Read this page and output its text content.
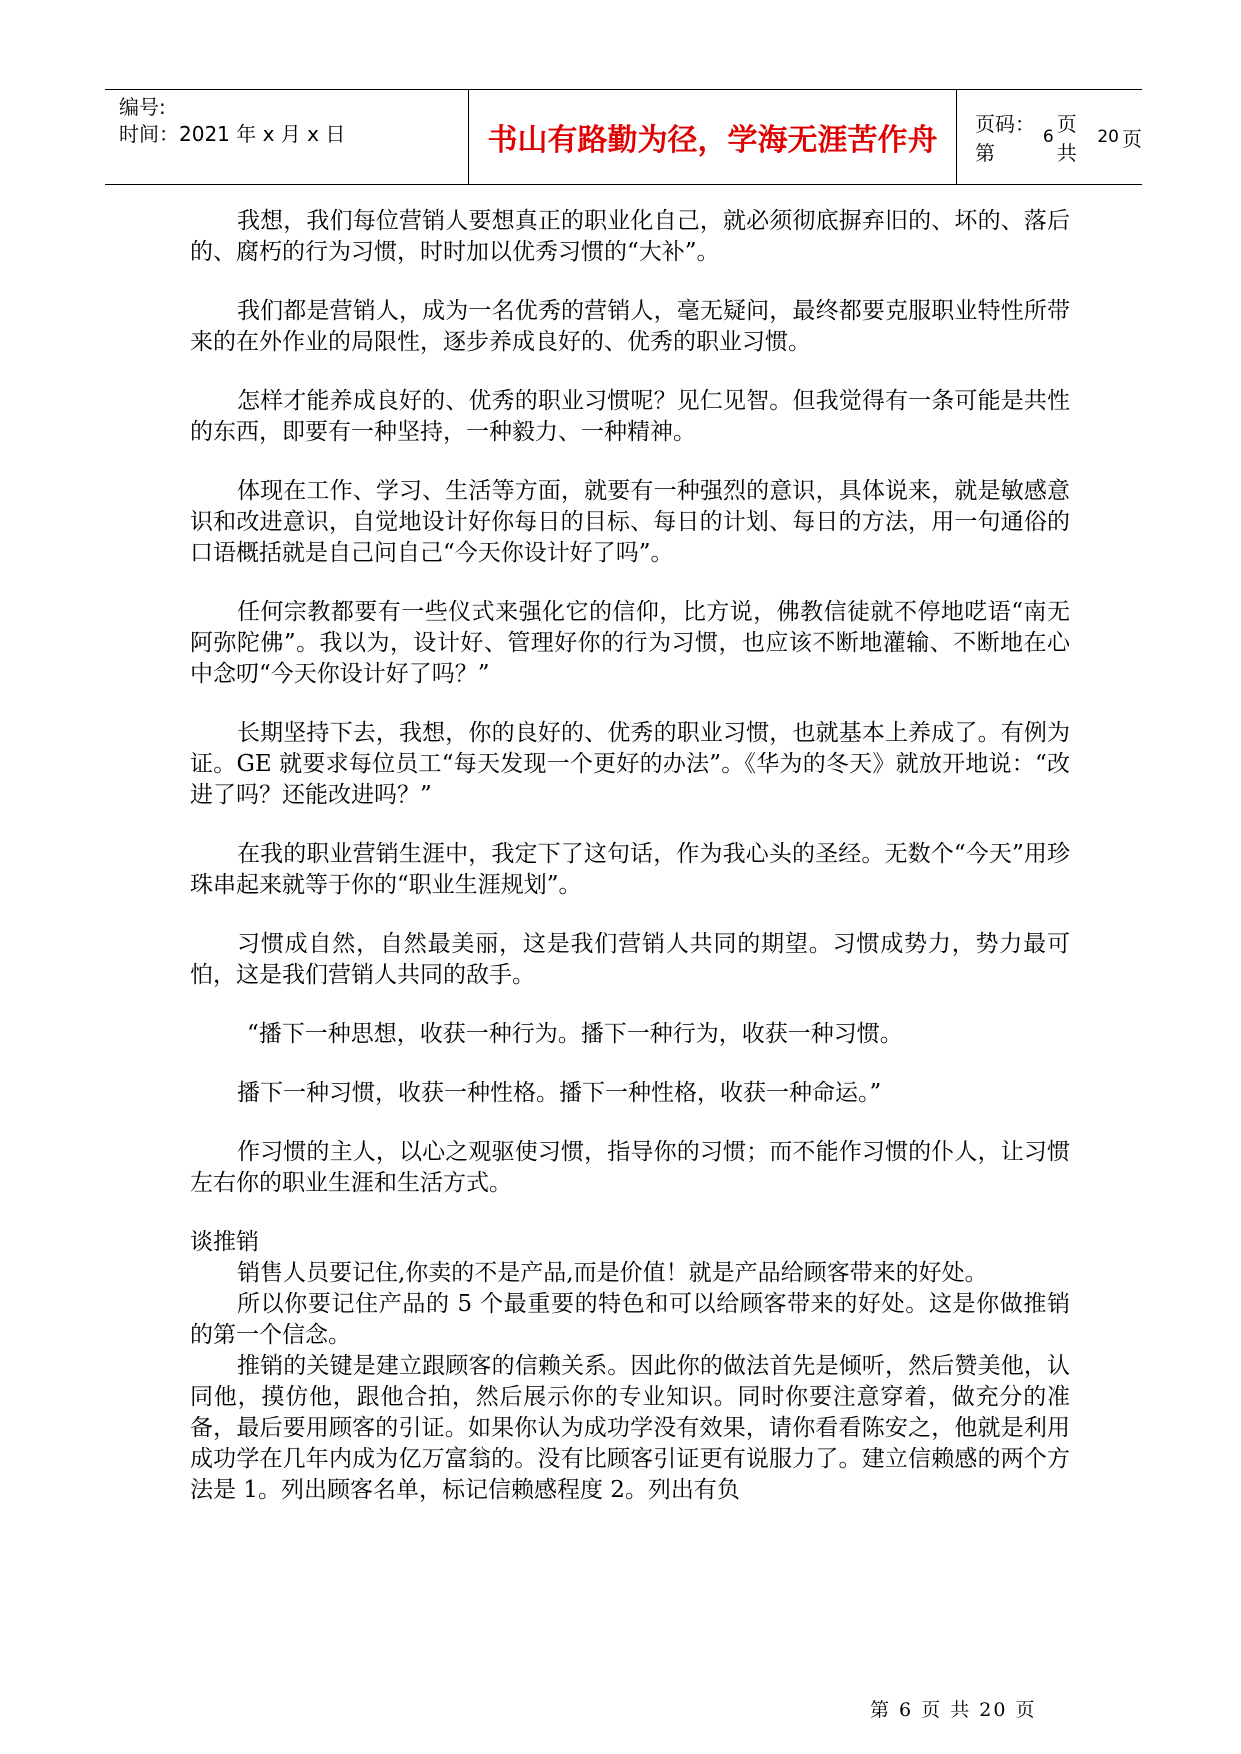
编号:
时间：2021 年 x 月 x 日	书山有路勤为径，学海无涯苦作舟	页码：第
6
页 共
20 页

我想，我们每位营销人要想真正的职业化自己，就必须彻底摒弃旧的、坏的、落后的、腐朽的行为习惯，时时加以优秀习惯的“大补”。

我们都是营销人，成为一名优秀的营销人，毫无疑问，最终都要克服职业特性所带来的在外作业的局限性，逐步养成良好的、优秀的职业习惯。

怎样才能养成良好的、优秀的职业习惯呢？见仁见智。但我觉得有一条可能是共性的东西，即要有一种坚持，一种毅力、一种精神。

体现在工作、学习、生活等方面，就要有一种强烈的意识，具体说来，就是敏感意识和改进意识，自觉地设计好你每日的目标、每日的计划、每日的方法，用一句通俗的口语概括就是自己问自己“今天你设计好了吗”。

任何宗教都要有一些仪式来强化它的信仰，比方说，佛教信徒就不停地呓语“南无阿弥陀佛”。我以为，设计好、管理好你的行为习惯，也应该不断地灌输、不断地在心中念叨“今天你设计好了吗？”

长期坚持下去，我想，你的良好的、优秀的职业习惯，也就基本上养成了。有例为证。GE 就要求每位员工“每天发现一个更好的办法”。《华为的冬天》就放开地说：“改进了吗？还能改进吗？”

在我的职业营销生涯中，我定下了这句话，作为我心头的圣经。无数个“今天”用珍珠串起来就等于你的“职业生涯规划”。

习惯成自然，自然最美丽，这是我们营销人共同的期望。习惯成势力，势力最可怕，这是我们营销人共同的敌手。

“播下一种思想，收获一种行为。播下一种行为，收获一种习惯。

播下一种习惯，收获一种性格。播下一种性格，收获一种命运。”

作习惯的主人，以心之观驱使习惯，指导你的习惯；而不能作习惯的仆人，让习惯左右你的职业生涯和生活方式。

谈推销

销售人员要记住,你卖的不是产品,而是价值！就是产品给顾客带来的好处。

所以你要记住产品的 5 个最重要的特色和可以给顾客带来的好处。这是你做推销的第一个信念。

推销的关键是建立跟顾客的信赖关系。因此你的做法首先是倾听，然后赞美他，认同他，摸仿他，跟他合拍，然后展示你的专业知识。同时你要注意穿着，做充分的准备，最后要用顾客的引证。如果你认为成功学没有效果，请你看看陈安之，他就是利用成功学在几年内成为亿万富翁的。没有比顾客引证更有说服力了。建立信赖感的两个方法是 1。列出顾客名单，标记信赖感程度 2。列出有负

第 6 页 共 20 页
